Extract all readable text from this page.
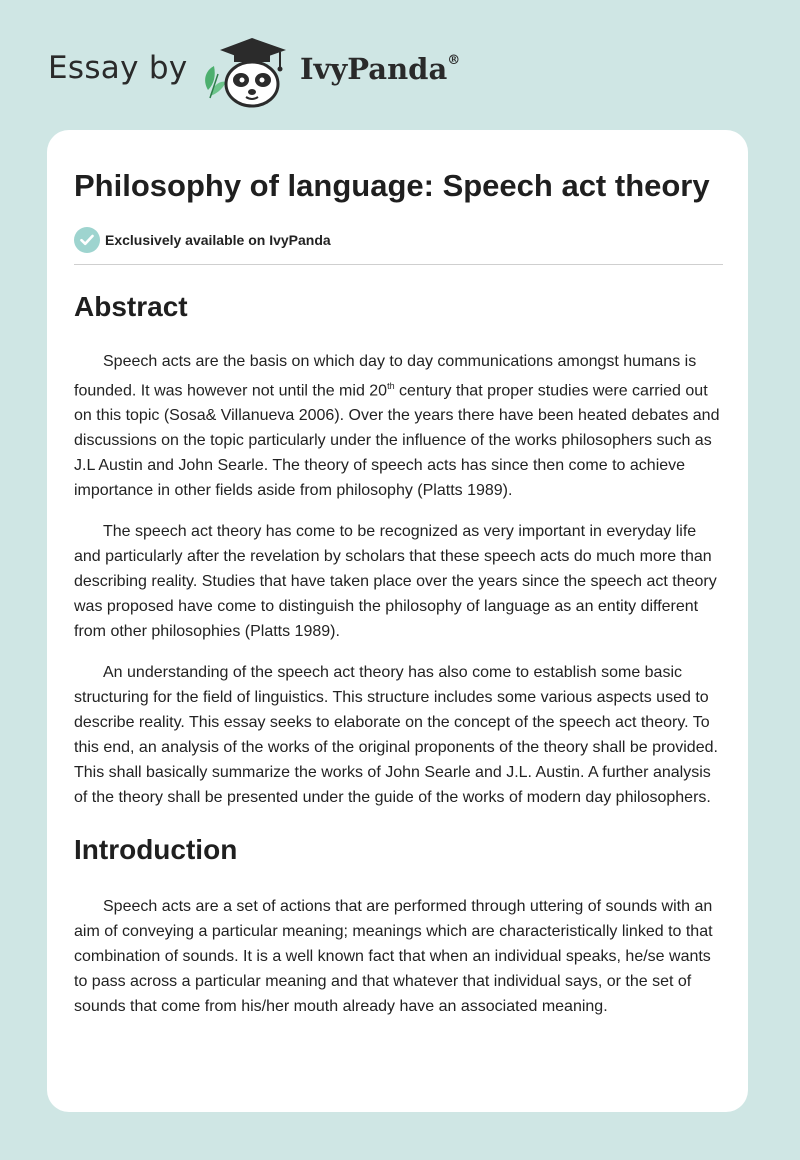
Essay by	IvyPanda®
Philosophy of language: Speech act theory
Exclusively available on IvyPanda
Abstract

Speech acts are the basis on which day to day communications amongst humans is founded. It was however not until the mid 20th century that proper studies were carried out on this topic (Sosa& Villanueva 2006). Over the years there have been heated debates and discussions on the topic particularly under the influence of the works philosophers such as J.L Austin and John Searle. The theory of speech acts has since then come to achieve importance in other fields aside from philosophy (Platts 1989).

The speech act theory has come to be recognized as very important in everyday life and particularly after the revelation by scholars that these speech acts do much more than describing reality. Studies that have taken place over the years since the speech act theory was proposed have come to distinguish the philosophy of language as an entity different from other philosophies (Platts 1989).

An understanding of the speech act theory has also come to establish some basic structuring for the field of linguistics. This structure includes some various aspects used to describe reality. This essay seeks to elaborate on the concept of the speech act theory. To this end, an analysis of the works of the original proponents of the theory shall be provided. This shall basically summarize the works of John Searle and J.L. Austin. A further analysis of the theory shall be presented under the guide of the works of modern day philosophers.

Introduction

Speech acts are a set of actions that are performed through uttering of sounds with an aim of conveying a particular meaning; meanings which are characteristically linked to that combination of sounds. It is a well known fact that when an individual speaks, he/se wants to pass across a particular meaning and that whatever that individual says, or the set of sounds that come from his/her mouth already have an associated meaning.
